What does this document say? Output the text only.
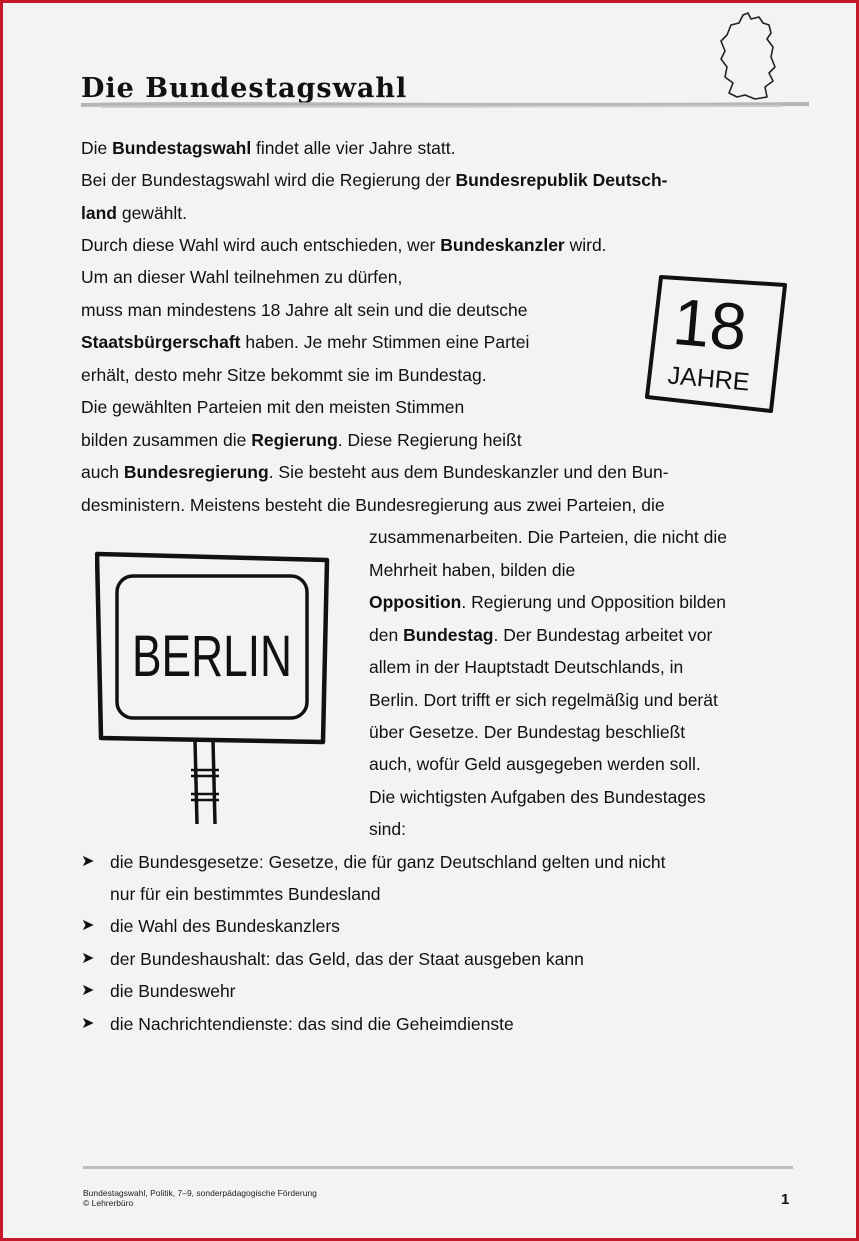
Die Bundestagswahl
18
JAHRE
BERLIN
Die Bundestagswahl findet alle vier Jahre statt.
Bei der Bundestagswahl wird die Regierung der Bundesrepublik Deutsch-
land gewählt.
Durch diese Wahl wird auch entschieden, wer Bundeskanzler wird.
Um an dieser Wahl teilnehmen zu dürfen,
muss man mindestens 18 Jahre alt sein und die deutsche
Staatsbürgerschaft haben. Je mehr Stimmen eine Partei
erhält, desto mehr Sitze bekommt sie im Bundestag.
Die gewählten Parteien mit den meisten Stimmen
bilden zusammen die Regierung. Diese Regierung heißt
auch Bundesregierung. Sie besteht aus dem Bundeskanzler und den Bun-
desministern. Meistens besteht die Bundesregierung aus zwei Parteien, die
zusammenarbeiten. Die Parteien, die nicht die
Mehrheit haben, bilden die
Opposition. Regierung und Opposition bilden
den Bundestag. Der Bundestag arbeitet vor
allem in der Hauptstadt Deutschlands, in
Berlin. Dort trifft er sich regelmäßig und berät
über Gesetze. Der Bundestag beschließt
auch, wofür Geld ausgegeben werden soll.
Die wichtigsten Aufgaben des Bundestages
sind:
➤ die Bundesgesetze: Gesetze, die für ganz Deutschland gelten und nicht
nur für ein bestimmtes Bundesland
➤ die Wahl des Bundeskanzlers
➤ der Bundeshaushalt: das Geld, das der Staat ausgeben kann
➤ die Bundeswehr
➤ die Nachrichtendienste: das sind die Geheimdienste
Bundestagswahl, Politik, 7–9, sonderpädagogische Förderung
© Lehrerbüro	1
